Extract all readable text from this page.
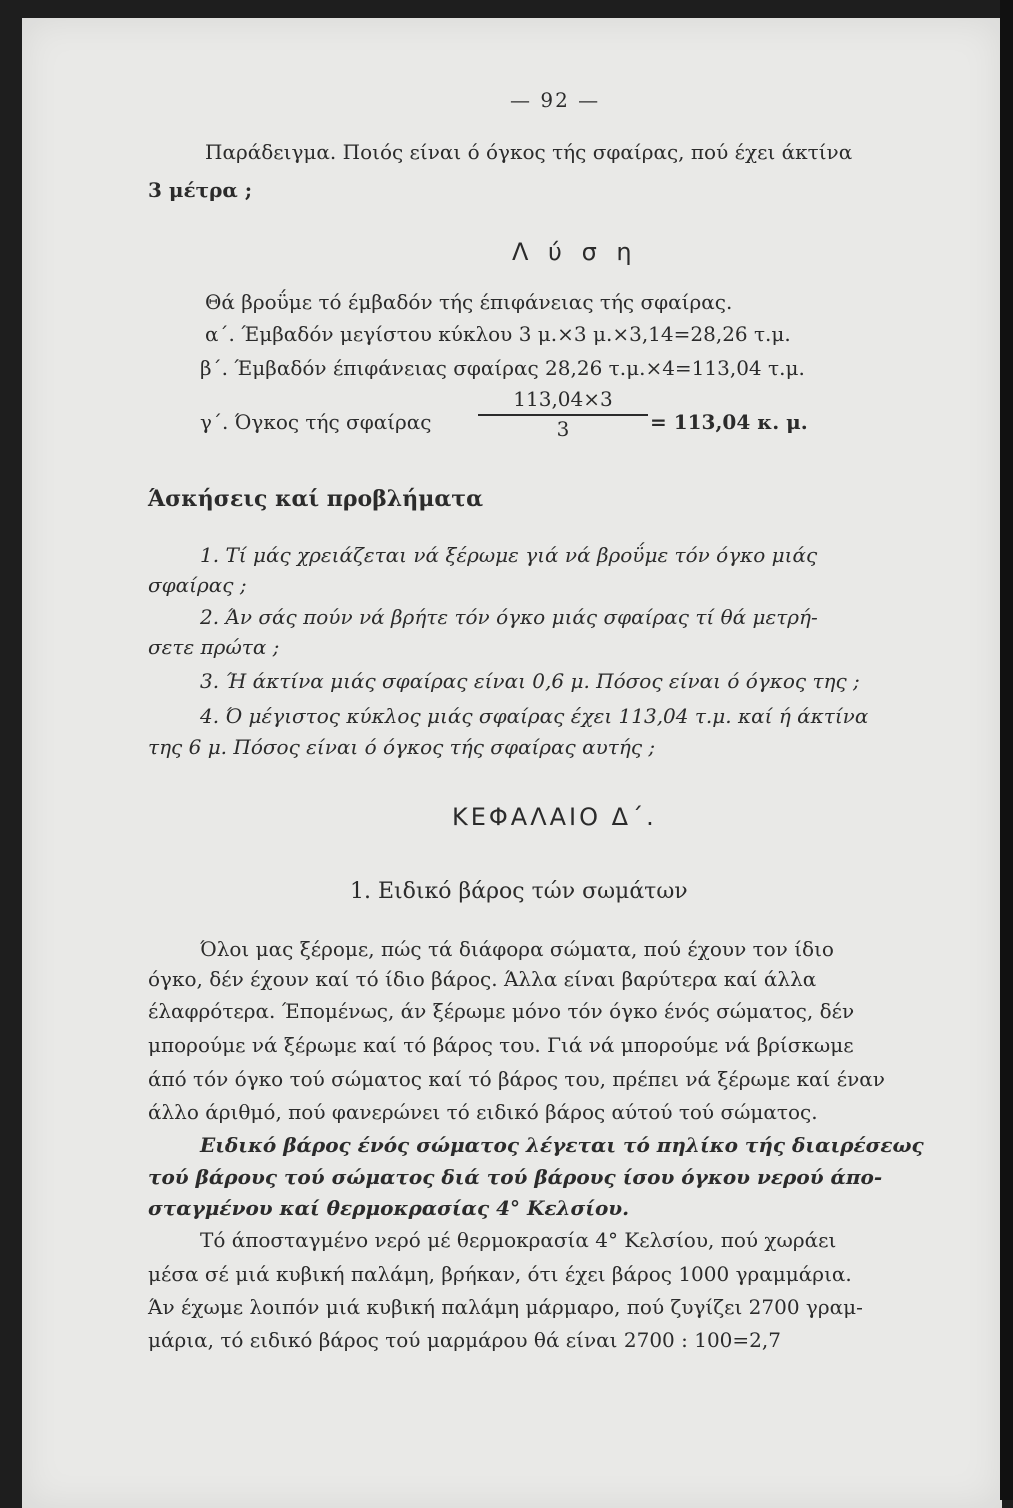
— 92 —
Παράδειγμα. Ποιός είναι ό όγκος τής σφαίρας, πού έχει άκτίνα
3 μέτρα ;
Λ ύ σ η
Θά βροΰμε τό έμβαδόν τής έπιφάνειας τής σφαίρας.
α΄. Έμβαδόν μεγίστου κύκλου 3 μ.×3 μ.×3,14=28,26 τ.μ.
β΄. Έμβαδόν έπιφάνειας σφαίρας 28,26 τ.μ.×4=113,04 τ.μ.
γ΄. Όγκος τής σφαίρας
113,04×3
3	= 113,04 κ. μ.
Άσκήσεις καί προβλήματα
1. Τί μάς χρειάζεται νά ξέρωμε γιά νά βροΰμε τόν όγκο μιάς
σφαίρας ;
2. Άν σάς πούν νά βρήτε τόν όγκο μιάς σφαίρας τί θά μετρή-
σετε πρώτα ;
3. Ή άκτίνα μιάς σφαίρας είναι 0,6 μ. Πόσος είναι ό όγκος της ;
4. Ό μέγιστος κύκλος μιάς σφαίρας έχει 113,04 τ.μ. καί ή άκτίνα
της 6 μ. Πόσος είναι ό όγκος τής σφαίρας αυτής ;
ΚΕΦΑΛΑΙΟ Δ΄.
1. Ειδικό βάρος τών σωμάτων
Όλοι μας ξέρομε, πώς τά διάφορα σώματα, πού έχουν τον ίδιο
όγκο, δέν έχουν καί τό ίδιο βάρος. Άλλα είναι βαρύτερα καί άλλα
έλαφρότερα. Έπομένως, άν ξέρωμε μόνο τόν όγκο ένός σώματος, δέν
μπορούμε νά ξέρωμε καί τό βάρος του. Γιά νά μπορούμε νά βρίσκωμε
άπό τόν όγκο τού σώματος καί τό βάρος του, πρέπει νά ξέρωμε καί έναν
άλλο άριθμό, πού φανερώνει τό ειδικό βάρος αύτού τού σώματος.
Ειδικό βάρος ένός σώματος λέγεται τό πηλίκο τής διαιρέσεως
τού βάρους τού σώματος διά τού βάρους ίσου όγκου νερού άπο-
σταγμένου καί θερμοκρασίας 4° Κελσίου.
Τό άποσταγμένο νερό μέ θερμοκρασία 4° Κελσίου, πού χωράει
μέσα σέ μιά κυβική παλάμη, βρήκαν, ότι έχει βάρος 1000 γραμμάρια.
Άν έχωμε λοιπόν μιά κυβική παλάμη μάρμαρο, πού ζυγίζει 2700 γραμ-
μάρια, τό ειδικό βάρος τού μαρμάρου θά είναι 2700 : 100=2,7
